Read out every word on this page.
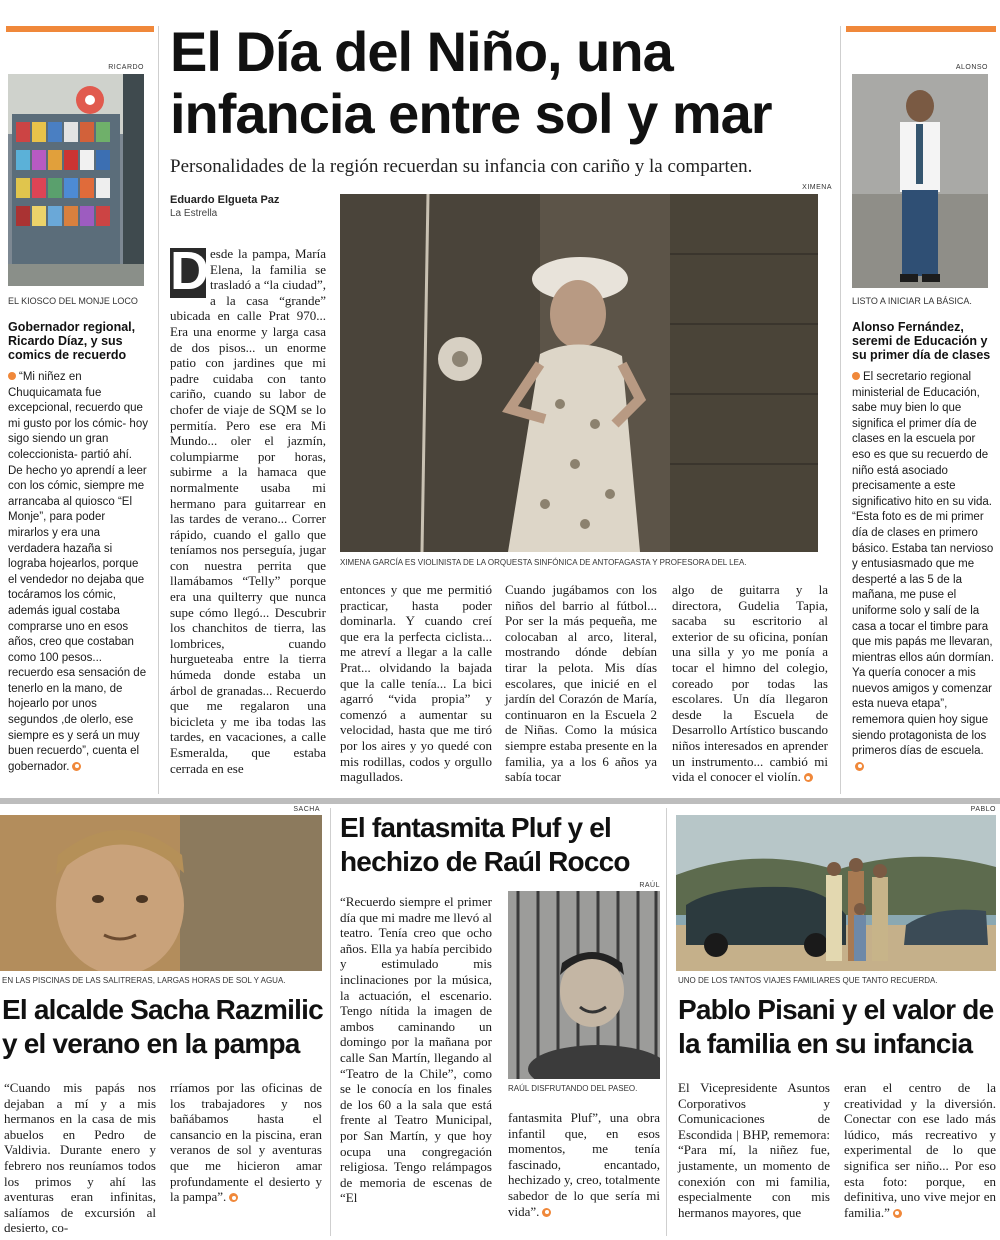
El Día del Niño, una
infancia entre sol y mar
Personalidades de la región recuerdan su infancia con cariño y la comparten.
Eduardo Elgueta Paz
La Estrella
XIMENA
XIMENA GARCÍA ES VIOLINISTA DE LA ORQUESTA SINFÓNICA DE ANTOFAGASTA Y PROFESORA DEL LEA.
D esde la pampa, María Elena, la familia se trasladó a “la ciudad”, a la casa “grande” ubicada en calle Prat 970... Era una enorme y larga casa de dos pisos... un enorme patio con jardines que mi padre cuidaba con tanto cariño, cuando su labor de chofer de viaje de SQM se lo permitía. Pero ese era Mi Mundo... oler el jazmín, columpiarme por horas, subirme a la hamaca que normalmente usaba mi hermano para guitarrear en las tardes de verano... Correr rápido, cuando el gallo que teníamos nos perseguía, jugar con nuestra perrita que llamábamos “Telly” porque era una quilterry que nunca supe cómo llegó... Descubrir los chanchitos de tierra, las lombrices, cuando hurgueteaba entre la tierra húmeda donde estaba un árbol de granadas... Recuerdo que me regalaron una bicicleta y me iba todas las tardes, en vacaciones, a calle Esmeralda, que estaba cerrada en ese
entonces y que me permitió practicar, hasta poder dominarla. Y cuando creí que era la perfecta ciclista... me atreví a llegar a la calle Prat... olvidando la bajada que la calle tenía... La bici agarró “vida propia” y comenzó a aumentar su velocidad, hasta que me tiró por los aires y yo quedé con mis rodillas, codos y orgullo magullados.
Cuando jugábamos con los niños del barrio al fútbol... Por ser la más pequeña, me colocaban al arco, literal, mostrando dónde debían tirar la pelota. Mis días escolares, que inicié en el jardín del Corazón de María, continuaron en la Escuela 2 de Niñas. Como la música siempre estaba presente en la familia, ya a los 6 años ya sabía tocar
algo de guitarra y la directora, Gudelia Tapia, sacaba su escritorio al exterior de su oficina, ponían una silla y yo me ponía a tocar el himno del colegio, coreado por todas las escolares. Un día llegaron desde la Escuela de Desarrollo Artístico buscando niños interesados en aprender un instrumento... cambió mi vida el conocer el violín.
RICARDO
EL KIOSCO DEL MONJE LOCO
Gobernador regional, Ricardo Díaz, y sus comics de recuerdo
“Mi niñez en Chuquicamata fue excepcional, recuerdo que mi gusto por los cómic- hoy sigo siendo un gran coleccionista- partió ahí. De hecho yo aprendí a leer con los cómic, siempre me arrancaba al quiosco “El Monje”, para poder mirarlos y era una verdadera hazaña si lograba hojearlos, porque el vendedor no dejaba que tocáramos los cómic, además igual costaba comprarse uno en esos años, creo que costaban como 100 pesos... recuerdo esa sensación de tenerlo en la mano, de hojearlo por unos segundos ,de olerlo, ese siempre es y será un muy buen recuerdo”, cuenta el gobernador.
ALONSO
LISTO A INICIAR LA BÁSICA.
Alonso Fernández, seremi de Educación y su primer día de clases
El secretario regional ministerial de Educación, sabe muy bien lo que significa el primer día de clases en la escuela por eso es que su recuerdo de niño está asociado precisamente a este significativo hito en su vida. “Esta foto es de mi primer día de clases en primero básico. Estaba tan nervioso y entusiasmado que me desperté a las 5 de la mañana, me puse el uniforme solo y salí de la casa a tocar el timbre para que mis papás me llevaran, mientras ellos aún dormían. Ya quería conocer a mis nuevos amigos y comenzar esta nueva etapa”, rememora quien hoy sigue siendo protagonista de los primeros días de escuela.
SACHA
EN LAS PISCINAS DE LAS SALITRERAS, LARGAS HORAS DE SOL Y AGUA.
El alcalde Sacha Razmilic
y el verano en la pampa
“Cuando mis papás nos dejaban a mí y a mis hermanos en la casa de mis abuelos en Pedro de Valdivia. Durante enero y febrero nos reuníamos todos los primos y ahí las aventuras eran infinitas, salíamos de excursión al desierto, co-
rríamos por las oficinas de los trabajadores y nos bañábamos hasta el cansancio en la piscina, eran veranos de sol y aventuras que me hicieron amar profundamente el desierto y la pampa”.
El fantasmita Pluf y el
hechizo de Raúl Rocco
“Recuerdo siempre el primer día que mi madre me llevó al teatro. Tenía creo que ocho años. Ella ya había percibido y estimulado mis inclinaciones por la música, la actuación, el escenario. Tengo nítida la imagen de ambos caminando un domingo por la mañana por calle San Martín, llegando al “Teatro de la Chile”, como se le conocía en los finales de los 60 a la sala que está frente al Teatro Municipal, por San Martín, y que hoy ocupa una congregación religiosa. Tengo relámpagos de memoria de escenas de “El
RAÚL
RAÚL DISFRUTANDO DEL PASEO.
fantasmita Pluf”, una obra infantil que, en esos momentos, me tenía fascinado, encantado, hechizado y, creo, totalmente sabedor de lo que sería mi vida”.
PABLO
UNO DE LOS TANTOS VIAJES FAMILIARES QUE TANTO RECUERDA.
Pablo Pisani y el valor de
la familia en su infancia
El Vicepresidente Asuntos Corporativos y Comunicaciones de Escondida | BHP, rememora: “Para mí, la niñez fue, justamente, un momento de conexión con mi familia, especialmente con mis hermanos mayores, que
eran el centro de la creatividad y la diversión. Conectar con ese lado más lúdico, más recreativo y experimental de lo que significa ser niño... Por eso esta foto: porque, en definitiva, uno vive mejor en familia.”
